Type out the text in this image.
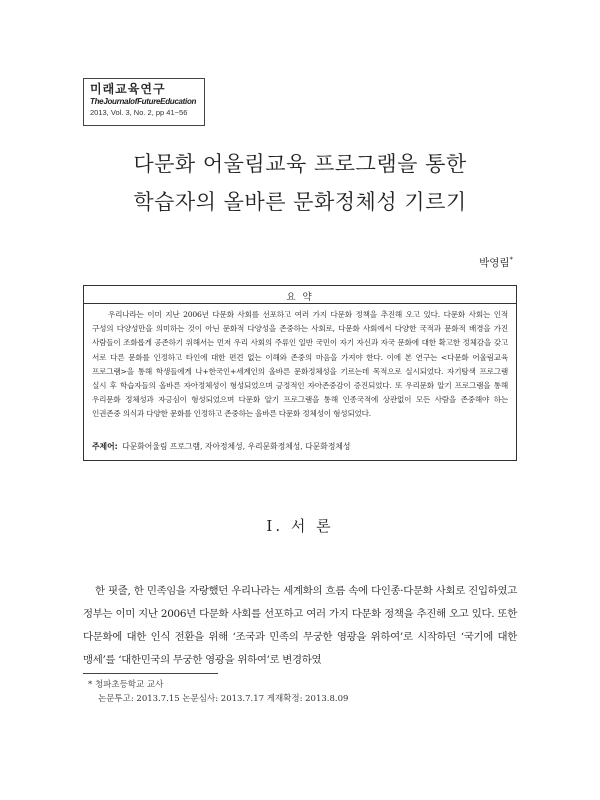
미래교육연구
TheJournalofFutureEducation
2013, Vol. 3, No. 2, pp 41~56
다문화 어울림교육 프로그램을 통한
학습자의 올바른 문화정체성 기르기
박영림*
요 약
우리나라는 이미 지난 2006년 다문화 사회를 선포하고 여러 가지 다문화 정책을 추진해 오고 있다. 다문화 사회는 인적 구성의 다양성만을 의미하는 것이 아닌 문화적 다양성을 존중하는 사회로, 다문화 사회에서 다양한 국적과 문화적 배경을 가진 사람들이 조화롭게 공존하기 위해서는 먼저 우리 사회의 주류인 일반 국민이 자기 자신과 자국 문화에 대한 확고한 정체감을 갖고 서로 다른 문화를 인정하고 타인에 대한 편견 없는 이해와 존중의 마음을 가져야 한다. 이에 본 연구는 <다문화 어울림교육 프로그램>을 통해 학생들에게 나+한국인+세계인의 올바른 문화정체성을 기르는데 목적으로 실시되었다. 자기탐색 프로그램 실시 후 학습자들의 올바른 자아정체성이 형성되었으며 긍정적인 자아존중감이 증진되었다. 또 우리문화 알기 프로그램을 통해 우리문화 정체성과 자긍심이 형성되었으며 다문화 알기 프로그램을 통해 인종국적에 상관없이 모든 사람을 존중해야 하는 인권존중 의식과 다양한 문화를 인정하고 존중하는 올바른 다문화 정체성이 형성되었다.
주제어: 다문화어울림 프로그램, 자아정체성, 우리문화정체성, 다문화정체성
Ⅰ. 서 론
한 핏줄, 한 민족임을 자랑했던 우리나라는 세계화의 흐름 속에 다인종·다문화 사회로 진입하였고 정부는 이미 지난 2006년 다문화 사회를 선포하고 여러 가지 다문화 정책을 추진해 오고 있다. 또한 다문화에 대한 인식 전환을 위해 ‘조국과 민족의 무궁한 영광을 위하여’로 시작하던 ‘국기에 대한 맹세’를 ‘대한민국의 무궁한 영광을 위하여’로 변경하였
* 청파초등학교 교사
논문투고: 2013.7.15 논문심사: 2013.7.17 게재확정: 2013.8.09
